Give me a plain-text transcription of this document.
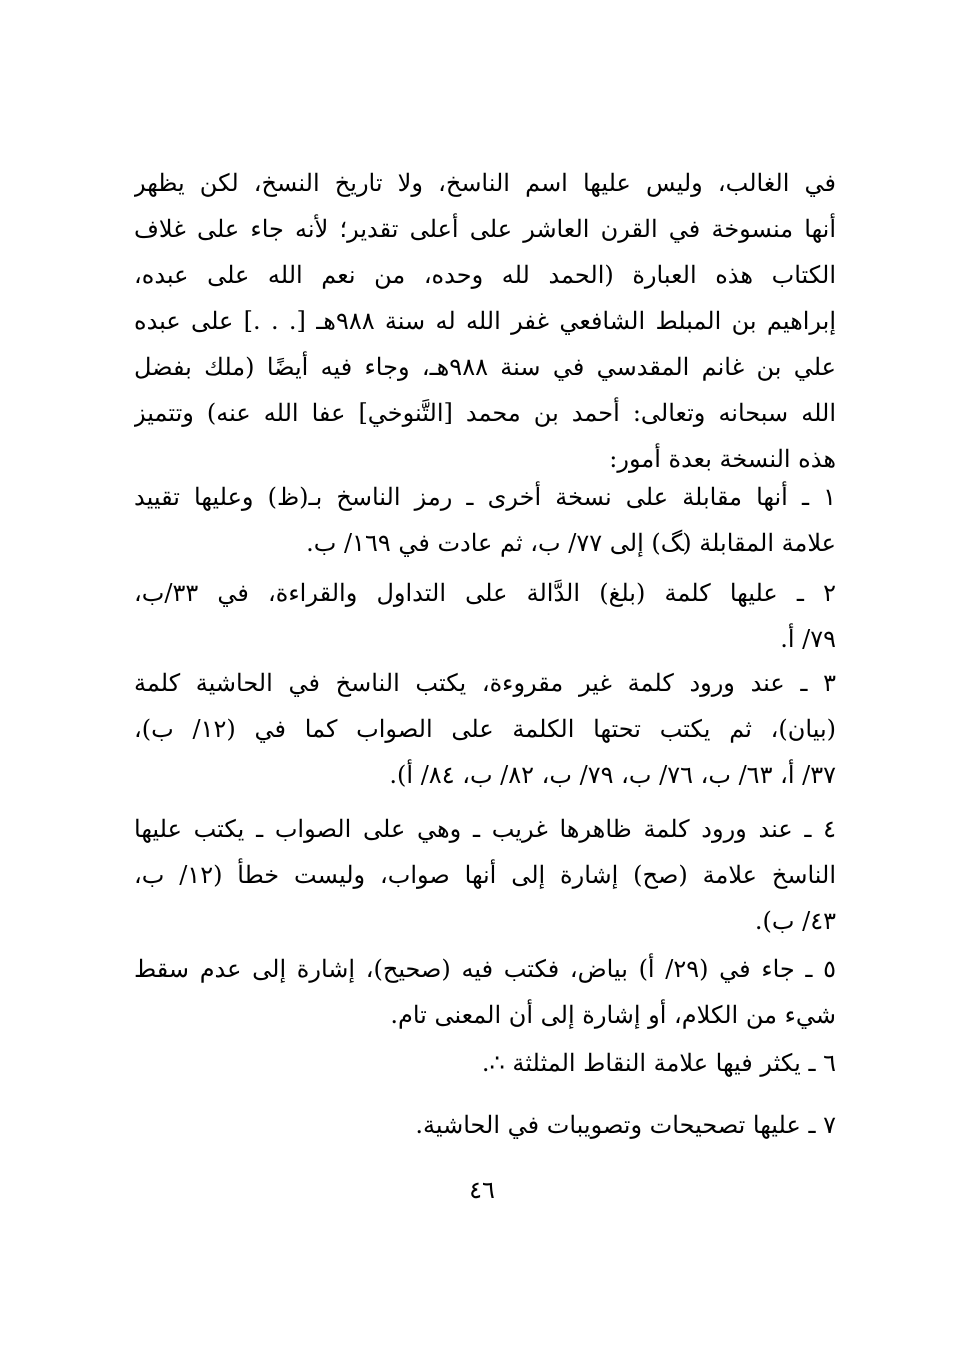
في الغالب، وليس عليها اسم الناسخ، ولا تاريخ النسخ، لكن يظهر
أنها منسوخة في القرن العاشر على أعلى تقدير؛ لأنه جاء على غلاف
الكتاب هذه العبارة (الحمد لله وحده، من نعم الله على عبده،
إبراهيم بن المبلط الشافعي غفر الله له سنة ٩٨٨هـ [. . .] على عبده
علي بن غانم المقدسي في سنة ٩٨٨هـ، وجاء فيه أيضًا (ملك بفضل
الله سبحانه وتعالى: أحمد بن محمد [التَّنوخي] عفا الله عنه) وتتميز
هذه النسخة بعدة أمور:
١ ـ أنها مقابلة على نسخة أخرى ـ رمز الناسخ بـ(ظ) وعليها تقييد
علامة المقابلة (ﮓ) إلى ٧٧/ ب، ثم عادت في ١٦٩/ ب.
٢ ـ عليها كلمة (بلغ) الدَّالة على التداول والقراءة، في ٣٣/ب،
٧٩/ أ.
٣ ـ عند ورود كلمة غير مقروءة، يكتب الناسخ في الحاشية كلمة
(بيان)، ثم يكتب تحتها الكلمة على الصواب كما في (١٢/ ب)،
٣٧/ أ، ٦٣/ ب، ٧٦/ ب، ٧٩/ ب، ٨٢/ ب، ٨٤/ أ).
٤ ـ عند ورود كلمة ظاهرها غريب ـ وهي على الصواب ـ يكتب عليها
الناسخ علامة (صح) إشارة إلى أنها صواب، وليست خطأ (١٢/ ب،
٤٣/ ب).
٥ ـ جاء في (٢٩/ أ) بياض، فكتب فيه (صحيح)، إشارة إلى عدم سقط
شيء من الكلام، أو إشارة إلى أن المعنى تام.
٦ ـ يكثر فيها علامة النقاط المثلثة ∴.
٧ ـ عليها تصحيحات وتصويبات في الحاشية.
٤٦
